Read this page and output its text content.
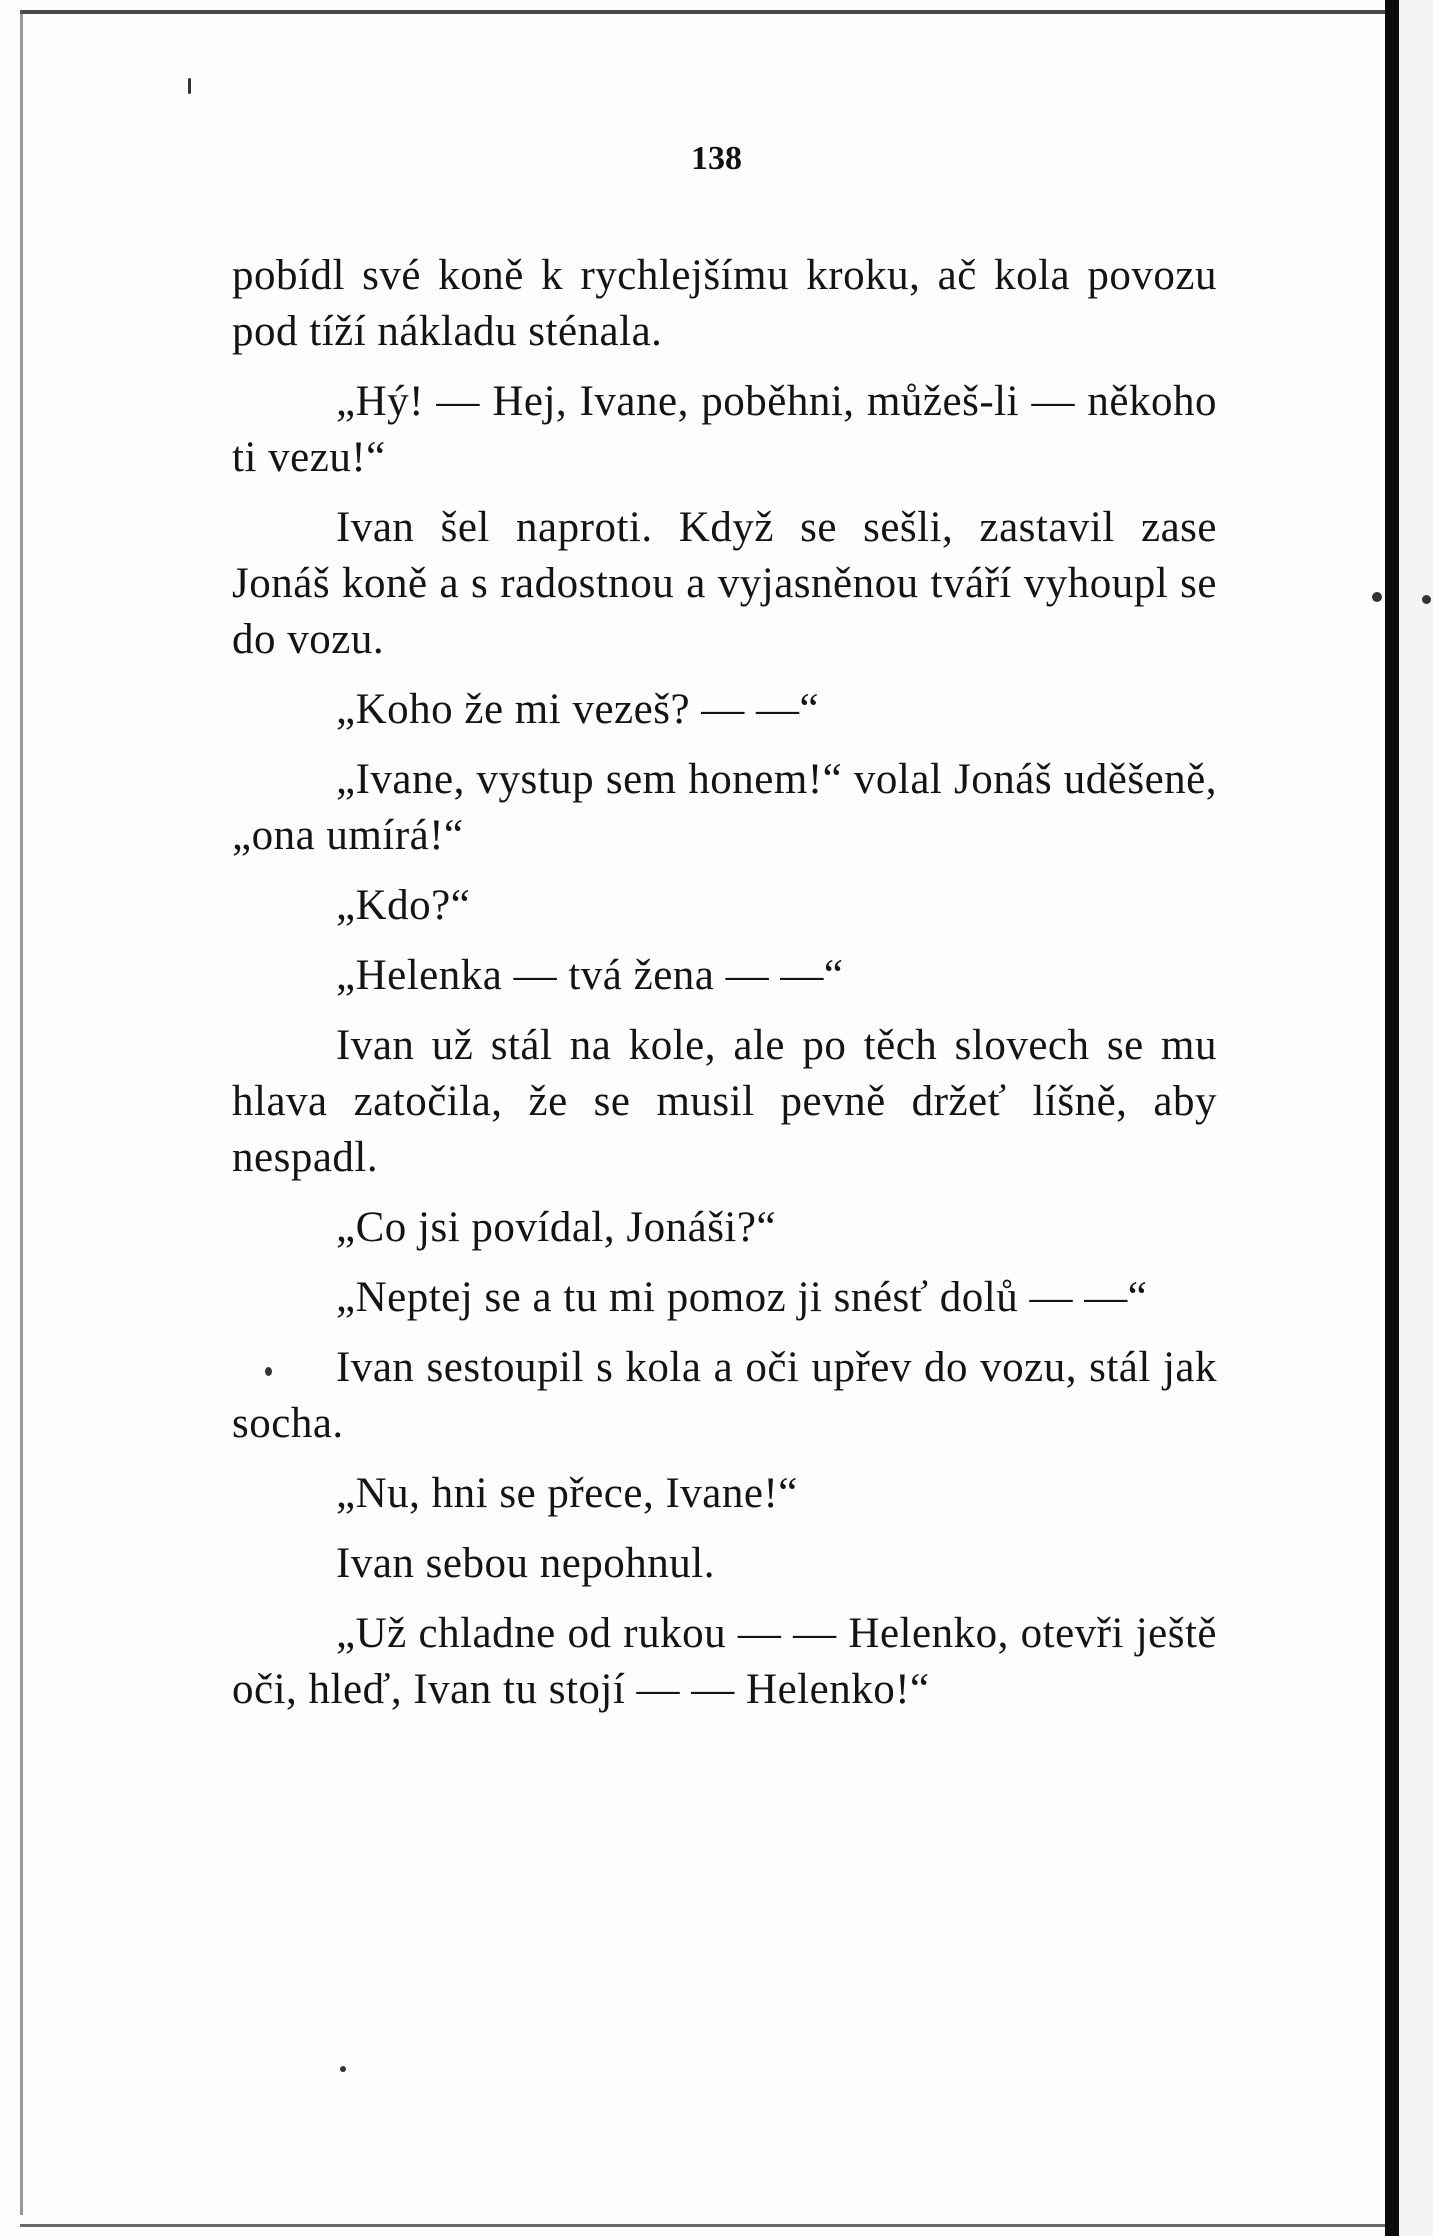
138

pobídl své koně k rychlejšímu kroku, ač kola povozu pod tíží nákladu sténala.

„Hý! — Hej, Ivane, poběhni, můžeš-li — někoho ti vezu!“

Ivan šel naproti. Když se sešli, zastavil zase Jonáš koně a s radostnou a vyjasněnou tváří vyhoupl se do vozu.

„Koho že mi vezeš? — —“

„Ivane, vystup sem honem!“ volal Jonáš uděšeně, „ona umírá!“

„Kdo?“

„Helenka — tvá žena — —“

Ivan už stál na kole, ale po těch slovech se mu hlava zatočila, že se musil pevně držeť líšně, aby nespadl.

„Co jsi povídal, Jonáši?“

„Neptej se a tu mi pomoz ji snésť dolů — —“

Ivan sestoupil s kola a oči upřev do vozu, stál jak socha.

„Nu, hni se přece, Ivane!“

Ivan sebou nepohnul.

„Už chladne od rukou — — Helenko, otevři ještě oči, hleď, Ivan tu stojí — — Helenko!“
